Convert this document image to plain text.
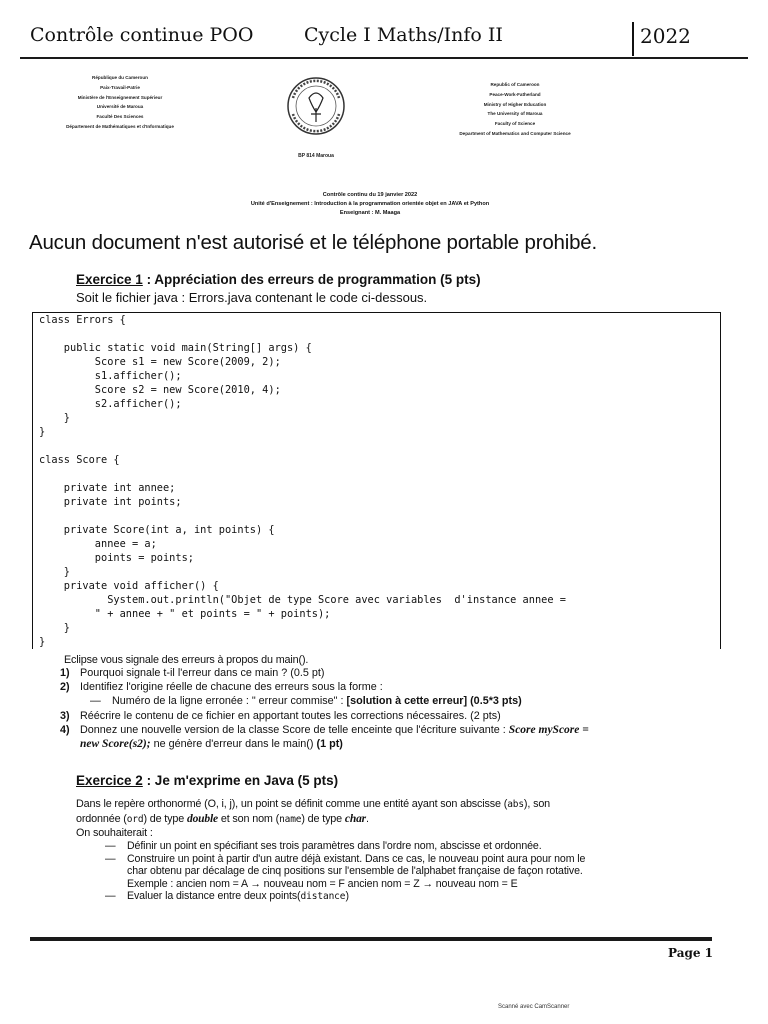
Contrôle continue POO	Cycle I Maths/Info II	2022
République du Cameroun
Paix-Travail-Patrie
Ministère de l'Enseignement Supérieur
Université de Maroua
Faculté Des Sciences
Département de Mathématiques et d'Informatique
BP 814 Maroua
Republic of Cameroon
Peace-Work-Fatherland
Ministry of Higher Education
The University of Maroua
Faculty of Science
Department of Mathematics and Computer Science
Contrôle continu du 19 janvier 2022
Unité d'Enseignement : Introduction à la programmation orientée objet en JAVA et Python
Enseignant : M. Maaga
Aucun document n'est autorisé et le téléphone portable prohibé.
Exercice 1 : Appréciation des erreurs de programmation (5 pts)
Soit le fichier java : Errors.java contenant le code ci-dessous.
class Errors {

public static void main(String[] args) {
Score s1 = new Score(2009, 2);
s1.afficher();
Score s2 = new Score(2010, 4);
s2.afficher();
}
}

class Score {

private int annee;
private int points;

private Score(int a, int points) {
annee = a;
points = points;
}
private void afficher() {
System.out.println("Objet de type Score avec variables  d'instance annee =
" + annee + " et points = " + points);
}
}
Eclipse vous signale des erreurs à propos du main().
1) Pourquoi signale t-il l'erreur dans ce main ? (0.5 pt)
2) Identifiez l'origine réelle de chacune des erreurs sous la forme :
— Numéro de la ligne erronée : " erreur commise" : [solution à cette erreur] (0.5*3 pts)
3) Réécrire le contenu de ce fichier en apportant toutes les corrections nécessaires. (2 pts)
4) Donnez une nouvelle version de la classe Score de telle enceinte que l'écriture suivante : Score myScore =
new Score(s2); ne génère d'erreur dans le main() (1 pt)
Exercice 2 : Je m'exprime en Java (5 pts)
Dans le repère orthonormé (O, i, j), un point se définit comme une entité ayant son abscisse (abs), son
ordonnée (ord) de type double et son nom (name) de type char.
On souhaiterait :
— Définir un point en spécifiant ses trois paramètres dans l'ordre nom, abscisse et ordonnée.
— Construire un point à partir d'un autre déjà existant. Dans ce cas, le nouveau point aura pour nom le
char obtenu par décalage de cinq positions sur l'ensemble de l'alphabet française de façon rotative.
Exemple : ancien nom = A → nouveau nom = F ancien nom = Z → nouveau nom = E
— Evaluer la distance entre deux points(distance)
Page 1
Scanné avec CamScanner
